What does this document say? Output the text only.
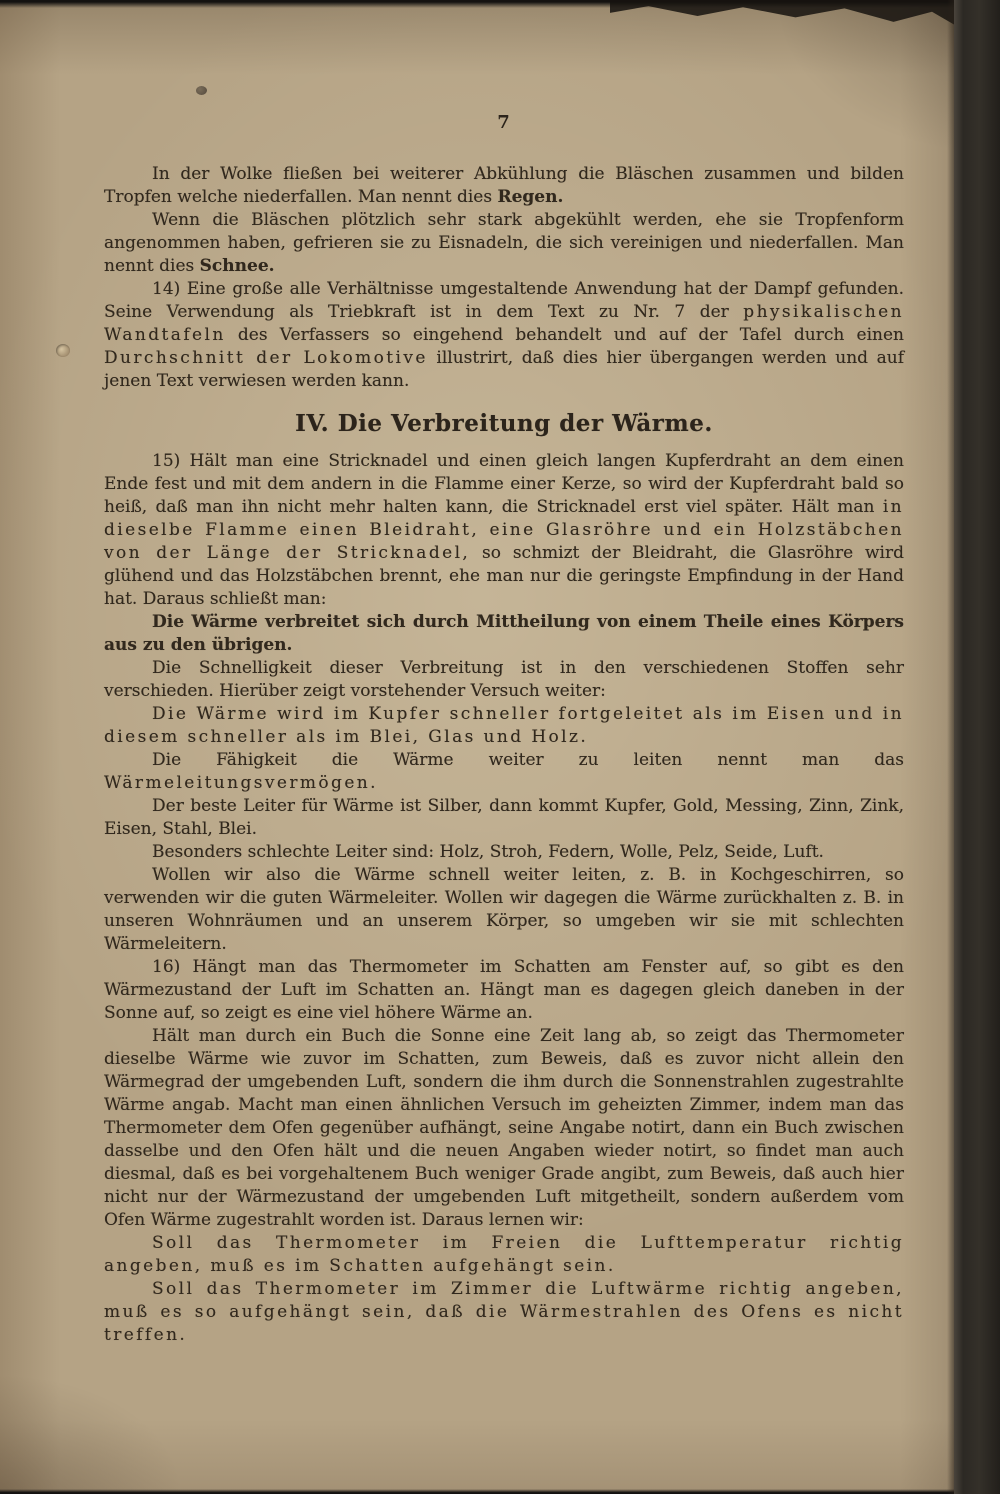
7

In der Wolke fließen bei weiterer Abkühlung die Bläschen zusammen und bilden Tropfen welche niederfallen. Man nennt dies Regen.

Wenn die Bläschen plötzlich sehr stark abgekühlt werden, ehe sie Tropfenform angenommen haben, gefrieren sie zu Eisnadeln, die sich vereinigen und niederfallen. Man nennt dies Schnee.

14) Eine große alle Verhältnisse umgestaltende Anwendung hat der Dampf gefunden. Seine Verwendung als Triebkraft ist in dem Text zu Nr. 7 der physikalischen Wandtafeln des Verfassers so eingehend behandelt und auf der Tafel durch einen Durchschnitt der Lokomotive illustrirt, daß dies hier übergangen werden und auf jenen Text verwiesen werden kann.

IV. Die Verbreitung der Wärme.

15) Hält man eine Stricknadel und einen gleich langen Kupferdraht an dem einen Ende fest und mit dem andern in die Flamme einer Kerze, so wird der Kupferdraht bald so heiß, daß man ihn nicht mehr halten kann, die Stricknadel erst viel später. Hält man in dieselbe Flamme einen Bleidraht, eine Glasröhre und ein Holzstäbchen von der Länge der Stricknadel, so schmizt der Bleidraht, die Glasröhre wird glühend und das Holzstäbchen brennt, ehe man nur die geringste Empfindung in der Hand hat. Daraus schließt man:

Die Wärme verbreitet sich durch Mittheilung von einem Theile eines Körpers aus zu den übrigen.

Die Schnelligkeit dieser Verbreitung ist in den verschiedenen Stoffen sehr verschieden. Hierüber zeigt vorstehender Versuch weiter:

Die Wärme wird im Kupfer schneller fortgeleitet als im Eisen und in diesem schneller als im Blei, Glas und Holz.

Die Fähigkeit die Wärme weiter zu leiten nennt man das Wärmeleitungsvermögen.

Der beste Leiter für Wärme ist Silber, dann kommt Kupfer, Gold, Messing, Zinn, Zink, Eisen, Stahl, Blei.

Besonders schlechte Leiter sind: Holz, Stroh, Federn, Wolle, Pelz, Seide, Luft.

Wollen wir also die Wärme schnell weiter leiten, z. B. in Kochgeschirren, so verwenden wir die guten Wärmeleiter. Wollen wir dagegen die Wärme zurückhalten z. B. in unseren Wohnräumen und an unserem Körper, so umgeben wir sie mit schlechten Wärmeleitern.

16) Hängt man das Thermometer im Schatten am Fenster auf, so gibt es den Wärmezustand der Luft im Schatten an. Hängt man es dagegen gleich daneben in der Sonne auf, so zeigt es eine viel höhere Wärme an.

Hält man durch ein Buch die Sonne eine Zeit lang ab, so zeigt das Thermometer dieselbe Wärme wie zuvor im Schatten, zum Beweis, daß es zuvor nicht allein den Wärmegrad der umgebenden Luft, sondern die ihm durch die Sonnenstrahlen zugestrahlte Wärme angab. Macht man einen ähnlichen Versuch im geheizten Zimmer, indem man das Thermometer dem Ofen gegenüber aufhängt, seine Angabe notirt, dann ein Buch zwischen dasselbe und den Ofen hält und die neuen Angaben wieder notirt, so findet man auch diesmal, daß es bei vorgehaltenem Buch weniger Grade angibt, zum Beweis, daß auch hier nicht nur der Wärmezustand der umgebenden Luft mitgetheilt, sondern außerdem vom Ofen Wärme zugestrahlt worden ist. Daraus lernen wir:

Soll das Thermometer im Freien die Lufttemperatur richtig angeben, muß es im Schatten aufgehängt sein.

Soll das Thermometer im Zimmer die Luftwärme richtig angeben, muß es so aufgehängt sein, daß die Wärmestrahlen des Ofens es nicht treffen.
